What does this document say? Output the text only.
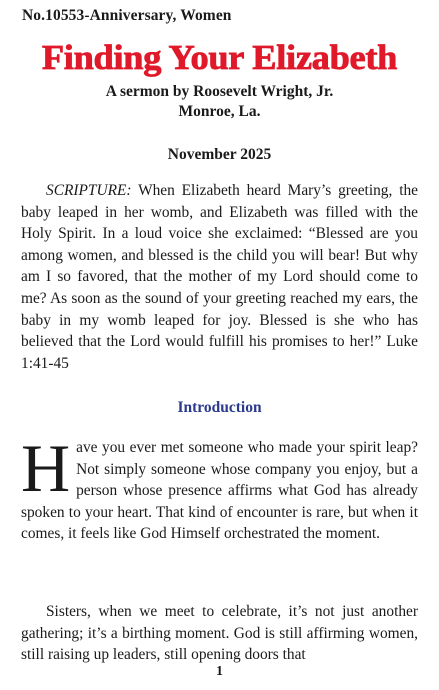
No.10553-Anniversary, Women
Finding Your Elizabeth
A sermon by Roosevelt Wright, Jr.
Monroe, La.
November 2025
SCRIPTURE: When Elizabeth heard Mary’s greeting, the baby leaped in her womb, and Elizabeth was filled with the Holy Spirit. In a loud voice she exclaimed: “Blessed are you among women, and blessed is the child you will bear! But why am I so favored, that the mother of my Lord should come to me? As soon as the sound of your greeting reached my ears, the baby in my womb leaped for joy. Blessed is she who has believed that the Lord would fulfill his promises to her!” Luke 1:41-45
Introduction
Have you ever met someone who made your spirit leap? Not simply someone whose company you enjoy, but a person whose presence affirms what God has already spoken to your heart. That kind of encounter is rare, but when it comes, it feels like God Himself orchestrated the moment.
Sisters, when we meet to celebrate, it’s not just another gathering; it’s a birthing moment. God is still affirming women, still raising up leaders, still opening doors that
1
